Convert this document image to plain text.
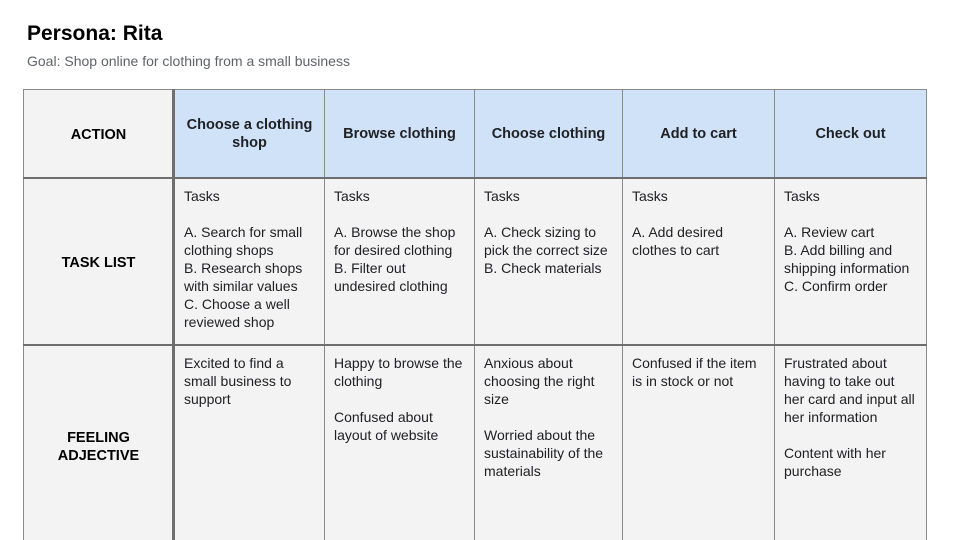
Persona: Rita
Goal: Shop online for clothing from a small business
ACTION	Choose a clothing shop	Browse clothing	Choose clothing	Add to cart	Check out
TASK LIST	Tasks
A. Search for small clothing shops
B. Research shops with similar values
C. Choose a well reviewed shop	Tasks
A. Browse the shop for desired clothing
B. Filter out undesired clothing	Tasks
A. Check sizing to pick the correct size
B. Check materials	Tasks
A. Add desired clothes to cart	Tasks
A. Review cart
B. Add billing and shipping information
C. Confirm order

FEELING
ADJECTIVE	Excited to find a small business to support	Happy to browse the clothing
Confused about layout of website	Anxious about choosing the right size
Worried about the sustainability of the materials	Confused if the item is in stock or not	Frustrated about having to take out her card and input all her information
Content with her purchase
